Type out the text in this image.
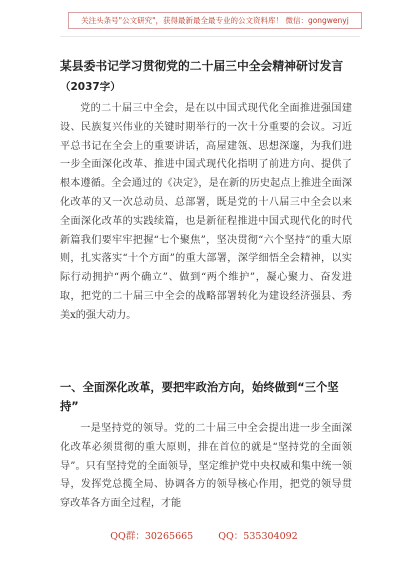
关注头条号"公文研究"，获得最新最全最专业的公文资料库！ 微信：gongwenyj
某县委书记学习贯彻党的二十届三中全会精神研讨发言
（2037字）

党的二十届三中全会，是在以中国式现代化全面推进强国建设、民族复兴伟业的关键时期举行的一次十分重要的会议。习近平总书记在全会上的重要讲话，高屋建瓴、思想深邃，为我们进一步全面深化改革、推进中国式现代化指明了前进方向、提供了根本遵循。全会通过的《决定》，是在新的历史起点上推进全面深化改革的又一次总动员、总部署，既是党的十八届三中全会以来全面深化改革的实践续篇，也是新征程推进中国式现代化的时代新篇我们要牢牢把握“七个聚焦”，坚决贯彻“六个坚持”的重大原则，扎实落实“十个方面”的重大部署，深学细悟全会精神，以实际行动拥护“两个确立”、做到“两个维护”，凝心聚力、奋发进取，把党的二十届三中全会的战略部署转化为建设经济强县、秀美x的强大动力。

一、全面深化改革，要把牢政治方向，始终做到“三个坚持”

一是坚持党的领导。党的二十届三中全会提出进一步全面深化改革必须贯彻的重大原则，排在首位的就是“坚持党的全面领导”。只有坚持党的全面领导，坚定维护党中央权威和集中统一领导，发挥党总揽全局、协调各方的领导核心作用，把党的领导贯穿改革各方面全过程，才能

QQ群：30265665	QQ：535304092
